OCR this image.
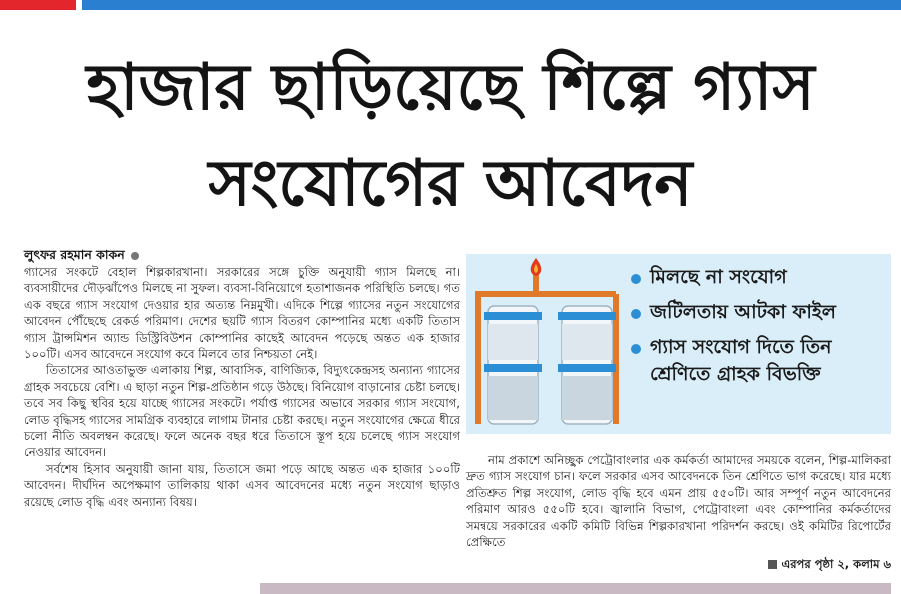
হাজার ছাড়িয়েছে শিল্পে গ্যাস
সংযোগের আবেদন
লুৎফর রহমান কাকন

গ্যাসের সংকটে বেহাল শিল্পকারখানা। সরকারের সঙ্গে চুক্তি অনুযায়ী গ্যাস মিলছে না। ব্যবসায়ীদের দৌড়ঝাঁপেও মিলছে না সুফল। ব্যবসা-বিনিয়োগে হতাশাজনক পরিস্থিতি চলছে। গত এক বছরে গ্যাস সংযোগ দেওয়ার হার অত্যন্ত নিম্নমুখী। এদিকে শিল্পে গ্যাসের নতুন সংযোগের আবেদন পৌঁছেছে রেকর্ড পরিমাণ। দেশের ছয়টি গ্যাস বিতরণ কোম্পানির মধ্যে একটি তিতাস গ্যাস ট্রান্সমিশন অ্যান্ড ডিস্ট্রিবিউশন কোম্পানির কাছেই আবেদন পড়েছে অন্তত এক হাজার ১০০টি। এসব আবেদনে সংযোগ কবে মিলবে তার নিশ্চয়তা নেই।

তিতাসের আওতাভুক্ত এলাকায় শিল্প, আবাসিক, বাণিজ্যিক, বিদ্যুৎকেন্দ্রসহ অন্যান্য গ্যাসের গ্রাহক সবচেয়ে বেশি। এ ছাড়া নতুন শিল্প-প্রতিষ্ঠান গড়ে উঠছে। বিনিয়োগ বাড়ানোর চেষ্টা চলছে। তবে সব কিছু স্থবির হয়ে যাচ্ছে গ্যাসের সংকটে। পর্যাপ্ত গ্যাসের অভাবে সরকার গ্যাস সংযোগ, লোড বৃদ্ধিসহ গ্যাসের সামগ্রিক ব্যবহারে লাগাম টানার চেষ্টা করছে। নতুন সংযোগের ক্ষেত্রে ধীরে চলো নীতি অবলম্বন করেছে। ফলে অনেক বছর ধরে তিতাসে স্তূপ হয়ে চলেছে গ্যাস সংযোগ নেওয়ার আবেদন।

সর্বশেষ হিসাব অনুযায়ী জানা যায়, তিতাসে জমা পড়ে আছে অন্তত এক হাজার ১০০টি আবেদন। দীর্ঘদিন অপেক্ষমাণ তালিকায় থাকা এসব আবেদনের মধ্যে নতুন সংযোগ ছাড়াও রয়েছে লোড বৃদ্ধি এবং অন্যান্য বিষয়।

মিলছে না সংযোগ
জটিলতায় আটকা ফাইল
গ্যাস সংযোগ দিতে তিন শ্রেণিতে গ্রাহক বিভক্তি

নাম প্রকাশে অনিচ্ছুক পেট্রোবাংলার এক কর্মকর্তা আমাদের সময়কে বলেন, শিল্প-মালিকরা দ্রুত গ্যাস সংযোগ চান। ফলে সরকার এসব আবেদনকে তিন শ্রেণিতে ভাগ করেছে। যার মধ্যে প্রতিশ্রুত শিল্প সংযোগ, লোড বৃদ্ধি হবে এমন প্রায় ৫৫০টি। আর সম্পূর্ণ নতুন আবেদনের পরিমাণ আরও ৫৫০টি হবে। জ্বালানি বিভাগ, পেট্রোবাংলা এবং কোম্পানির কর্মকর্তাদের সমন্বয়ে সরকারের একটি কমিটি বিভিন্ন শিল্পকারখানা পরিদর্শন করছে। ওই কমিটির রিপোর্টের প্রেক্ষিতে

এরপর পৃষ্ঠা ২, কলাম ৬
